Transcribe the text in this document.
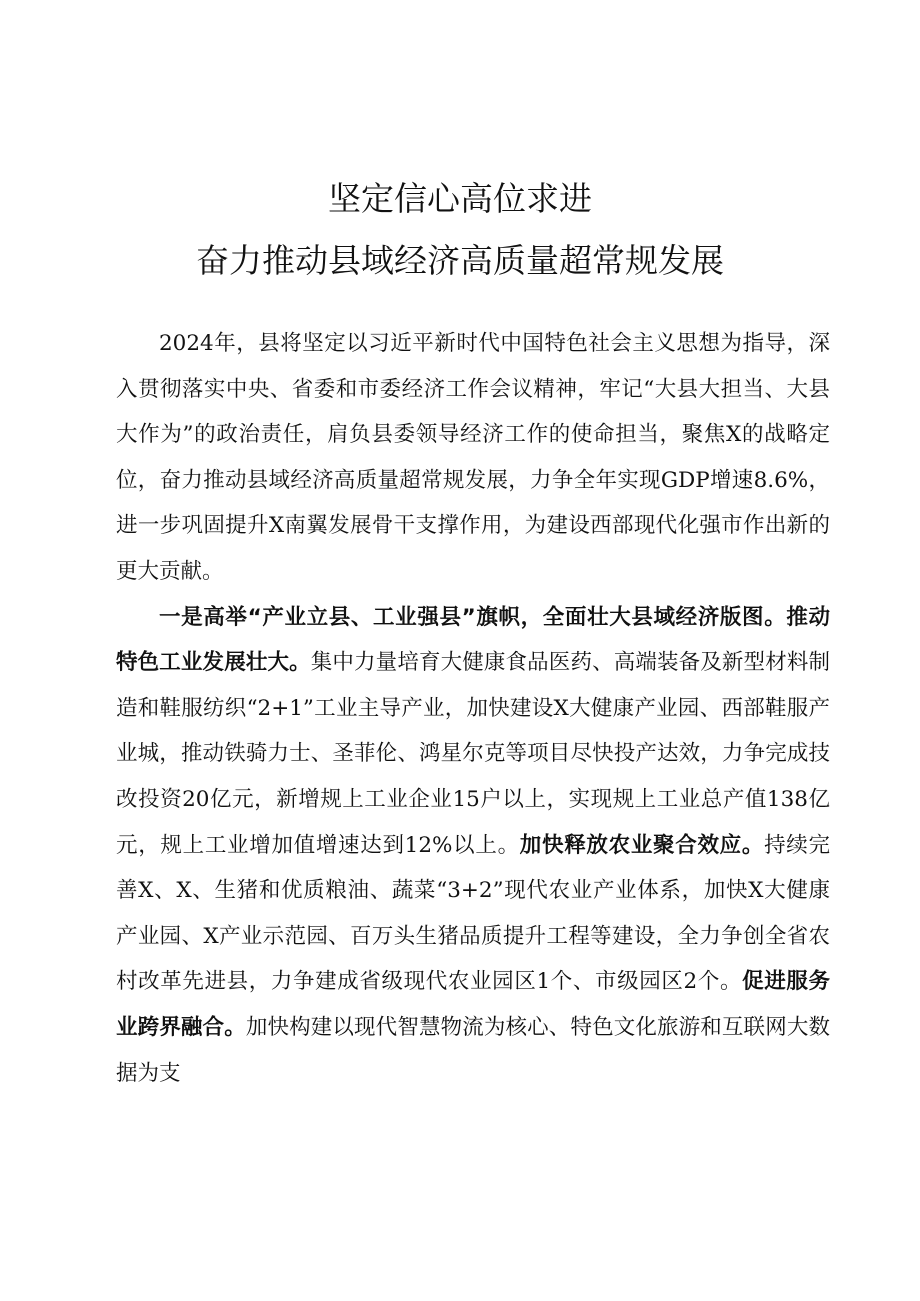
坚定信心高位求进
奋力推动县域经济高质量超常规发展

2024年，县将坚定以习近平新时代中国特色社会主义思想为指导，深入贯彻落实中央、省委和市委经济工作会议精神，牢记“大县大担当、大县大作为”的政治责任，肩负县委领导经济工作的使命担当，聚焦X的战略定位，奋力推动县域经济高质量超常规发展，力争全年实现GDP增速8.6%，进一步巩固提升X南翼发展骨干支撑作用，为建设西部现代化强市作出新的更大贡献。

一是高举“产业立县、工业强县”旗帜，全面壮大县域经济版图。推动特色工业发展壮大。集中力量培育大健康食品医药、高端装备及新型材料制造和鞋服纺织“2+1”工业主导产业，加快建设X大健康产业园、西部鞋服产业城，推动铁骑力士、圣菲伦、鸿星尔克等项目尽快投产达效，力争完成技改投资20亿元，新增规上工业企业15户以上，实现规上工业总产值138亿元，规上工业增加值增速达到12%以上。加快释放农业聚合效应。持续完善X、X、生猪和优质粮油、蔬菜“3+2”现代农业产业体系，加快X大健康产业园、X产业示范园、百万头生猪品质提升工程等建设，全力争创全省农村改革先进县，力争建成省级现代农业园区1个、市级园区2个。促进服务业跨界融合。加快构建以现代智慧物流为核心、特色文化旅游和互联网大数据为支
